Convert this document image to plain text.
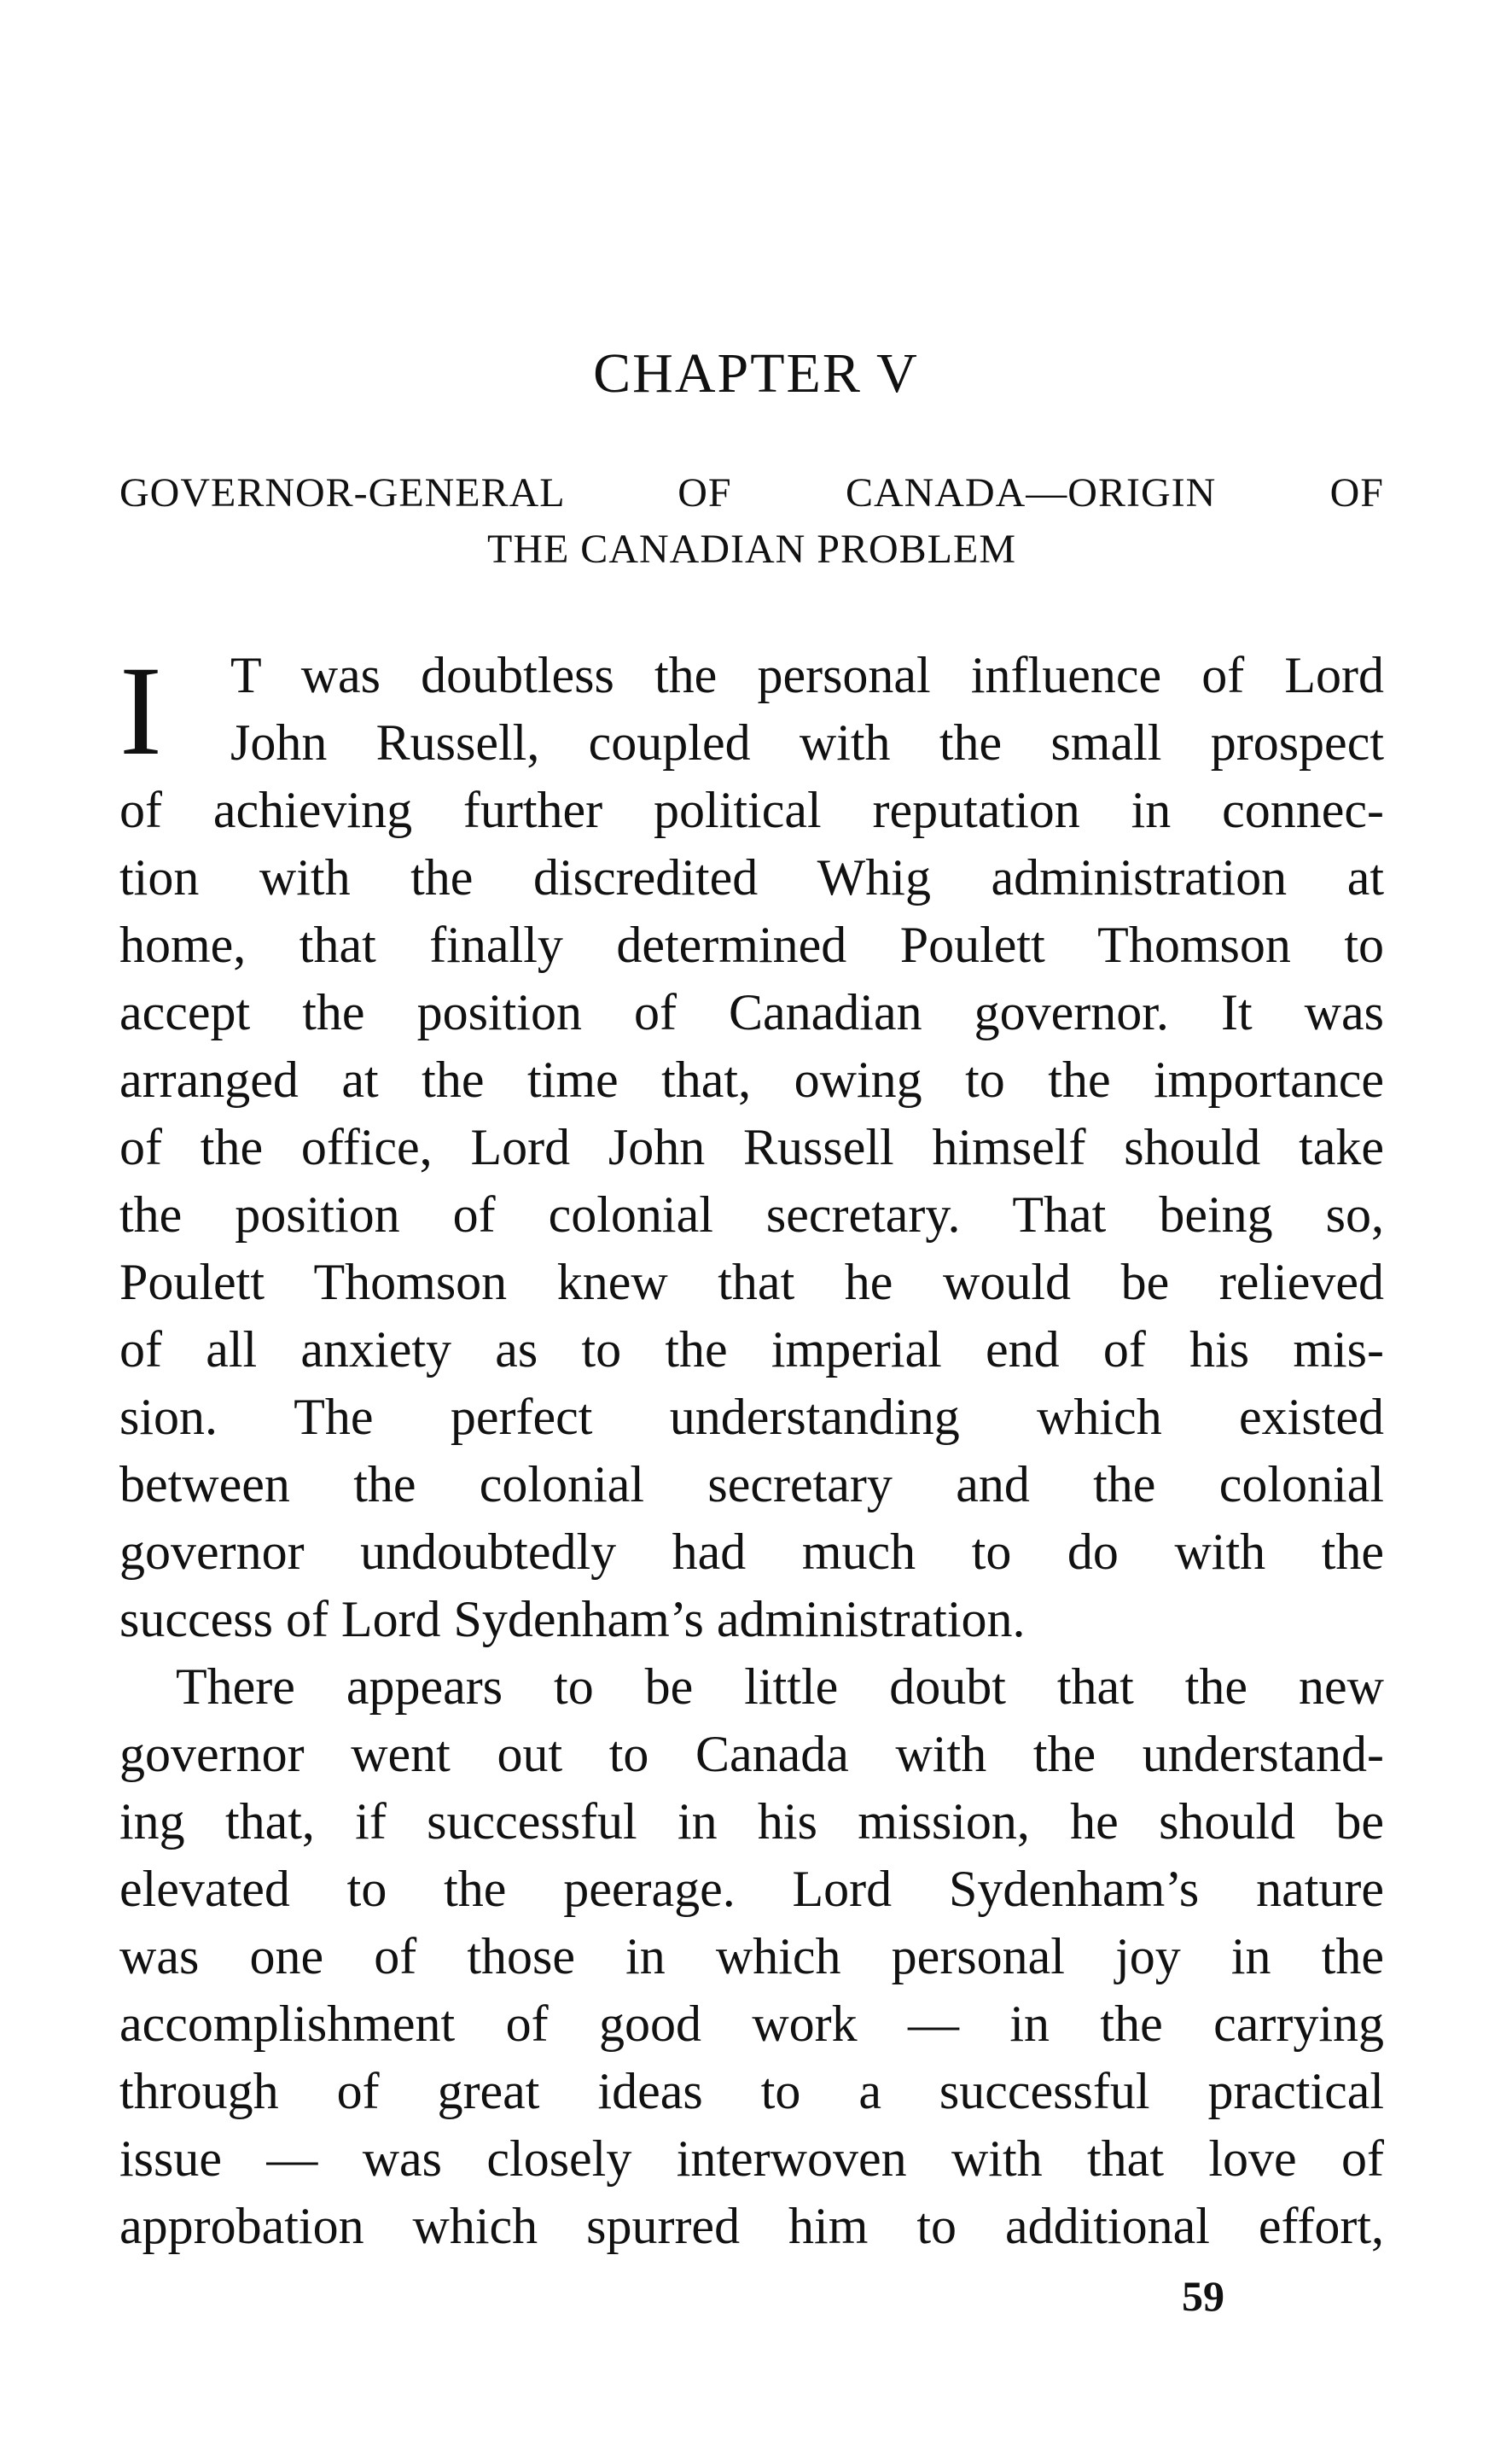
CHAPTER V
GOVERNOR-GENERAL OF CANADA—ORIGIN OF
THE CANADIAN PROBLEM
I	T was doubtless the personal influence of Lord
John Russell, coupled with the small prospect
of achieving further political reputation in connec-
tion with the discredited Whig administration at
home, that finally determined Poulett Thomson to
accept the position of Canadian governor. It was
arranged at the time that, owing to the importance
of the office, Lord John Russell himself should take
the position of colonial secretary. That being so,
Poulett Thomson knew that he would be relieved
of all anxiety as to the imperial end of his mis-
sion. The perfect understanding which existed
between the colonial secretary and the colonial
governor undoubtedly had much to do with the
success of Lord Sydenham’s administration.
There appears to be little doubt that the new
governor went out to Canada with the understand-
ing that, if successful in his mission, he should be
elevated to the peerage. Lord Sydenham’s nature
was one of those in which personal joy in the
accomplishment of good work — in the carrying
through of great ideas to a successful practical
issue — was closely interwoven with that love of
approbation which spurred him to additional effort,
59
